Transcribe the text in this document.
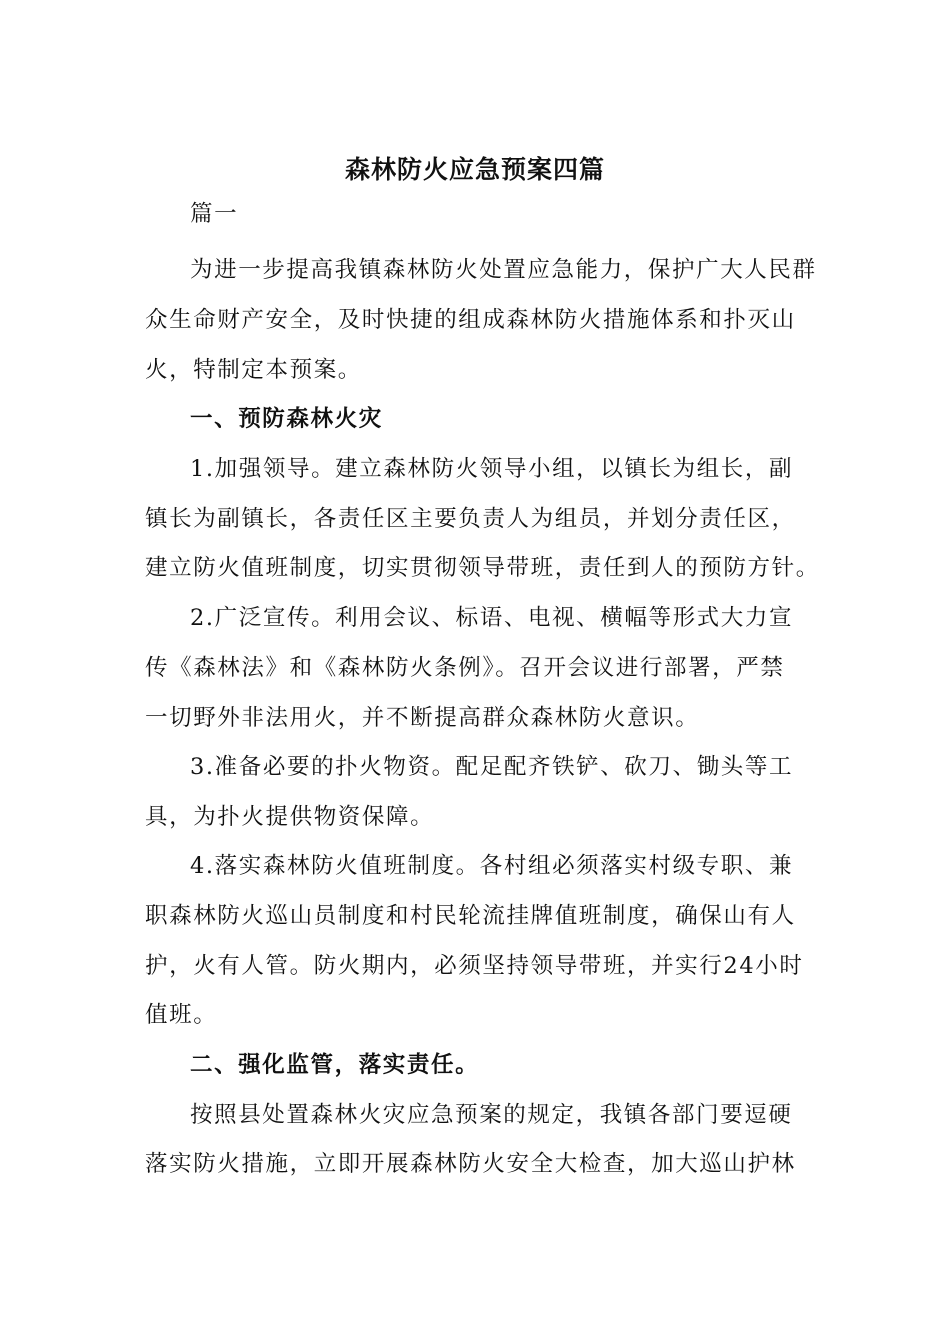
森林防火应急预案四篇
篇一
为进一步提高我镇森林防火处置应急能力，保护广大人民群
众生命财产安全，及时快捷的组成森林防火措施体系和扑灭山
火，特制定本预案。
一、预防森林火灾
1.加强领导。建立森林防火领导小组，以镇长为组长，副
镇长为副镇长，各责任区主要负责人为组员，并划分责任区，
建立防火值班制度，切实贯彻领导带班，责任到人的预防方针。
2.广泛宣传。利用会议、标语、电视、横幅等形式大力宣
传《森林法》和《森林防火条例》。召开会议进行部署，严禁
一切野外非法用火，并不断提高群众森林防火意识。
3.准备必要的扑火物资。配足配齐铁铲、砍刀、锄头等工
具，为扑火提供物资保障。
4.落实森林防火值班制度。各村组必须落实村级专职、兼
职森林防火巡山员制度和村民轮流挂牌值班制度，确保山有人
护，火有人管。防火期内，必须坚持领导带班，并实行24小时
值班。
二、强化监管，落实责任。
按照县处置森林火灾应急预案的规定，我镇各部门要逗硬
落实防火措施，立即开展森林防火安全大检查，加大巡山护林
